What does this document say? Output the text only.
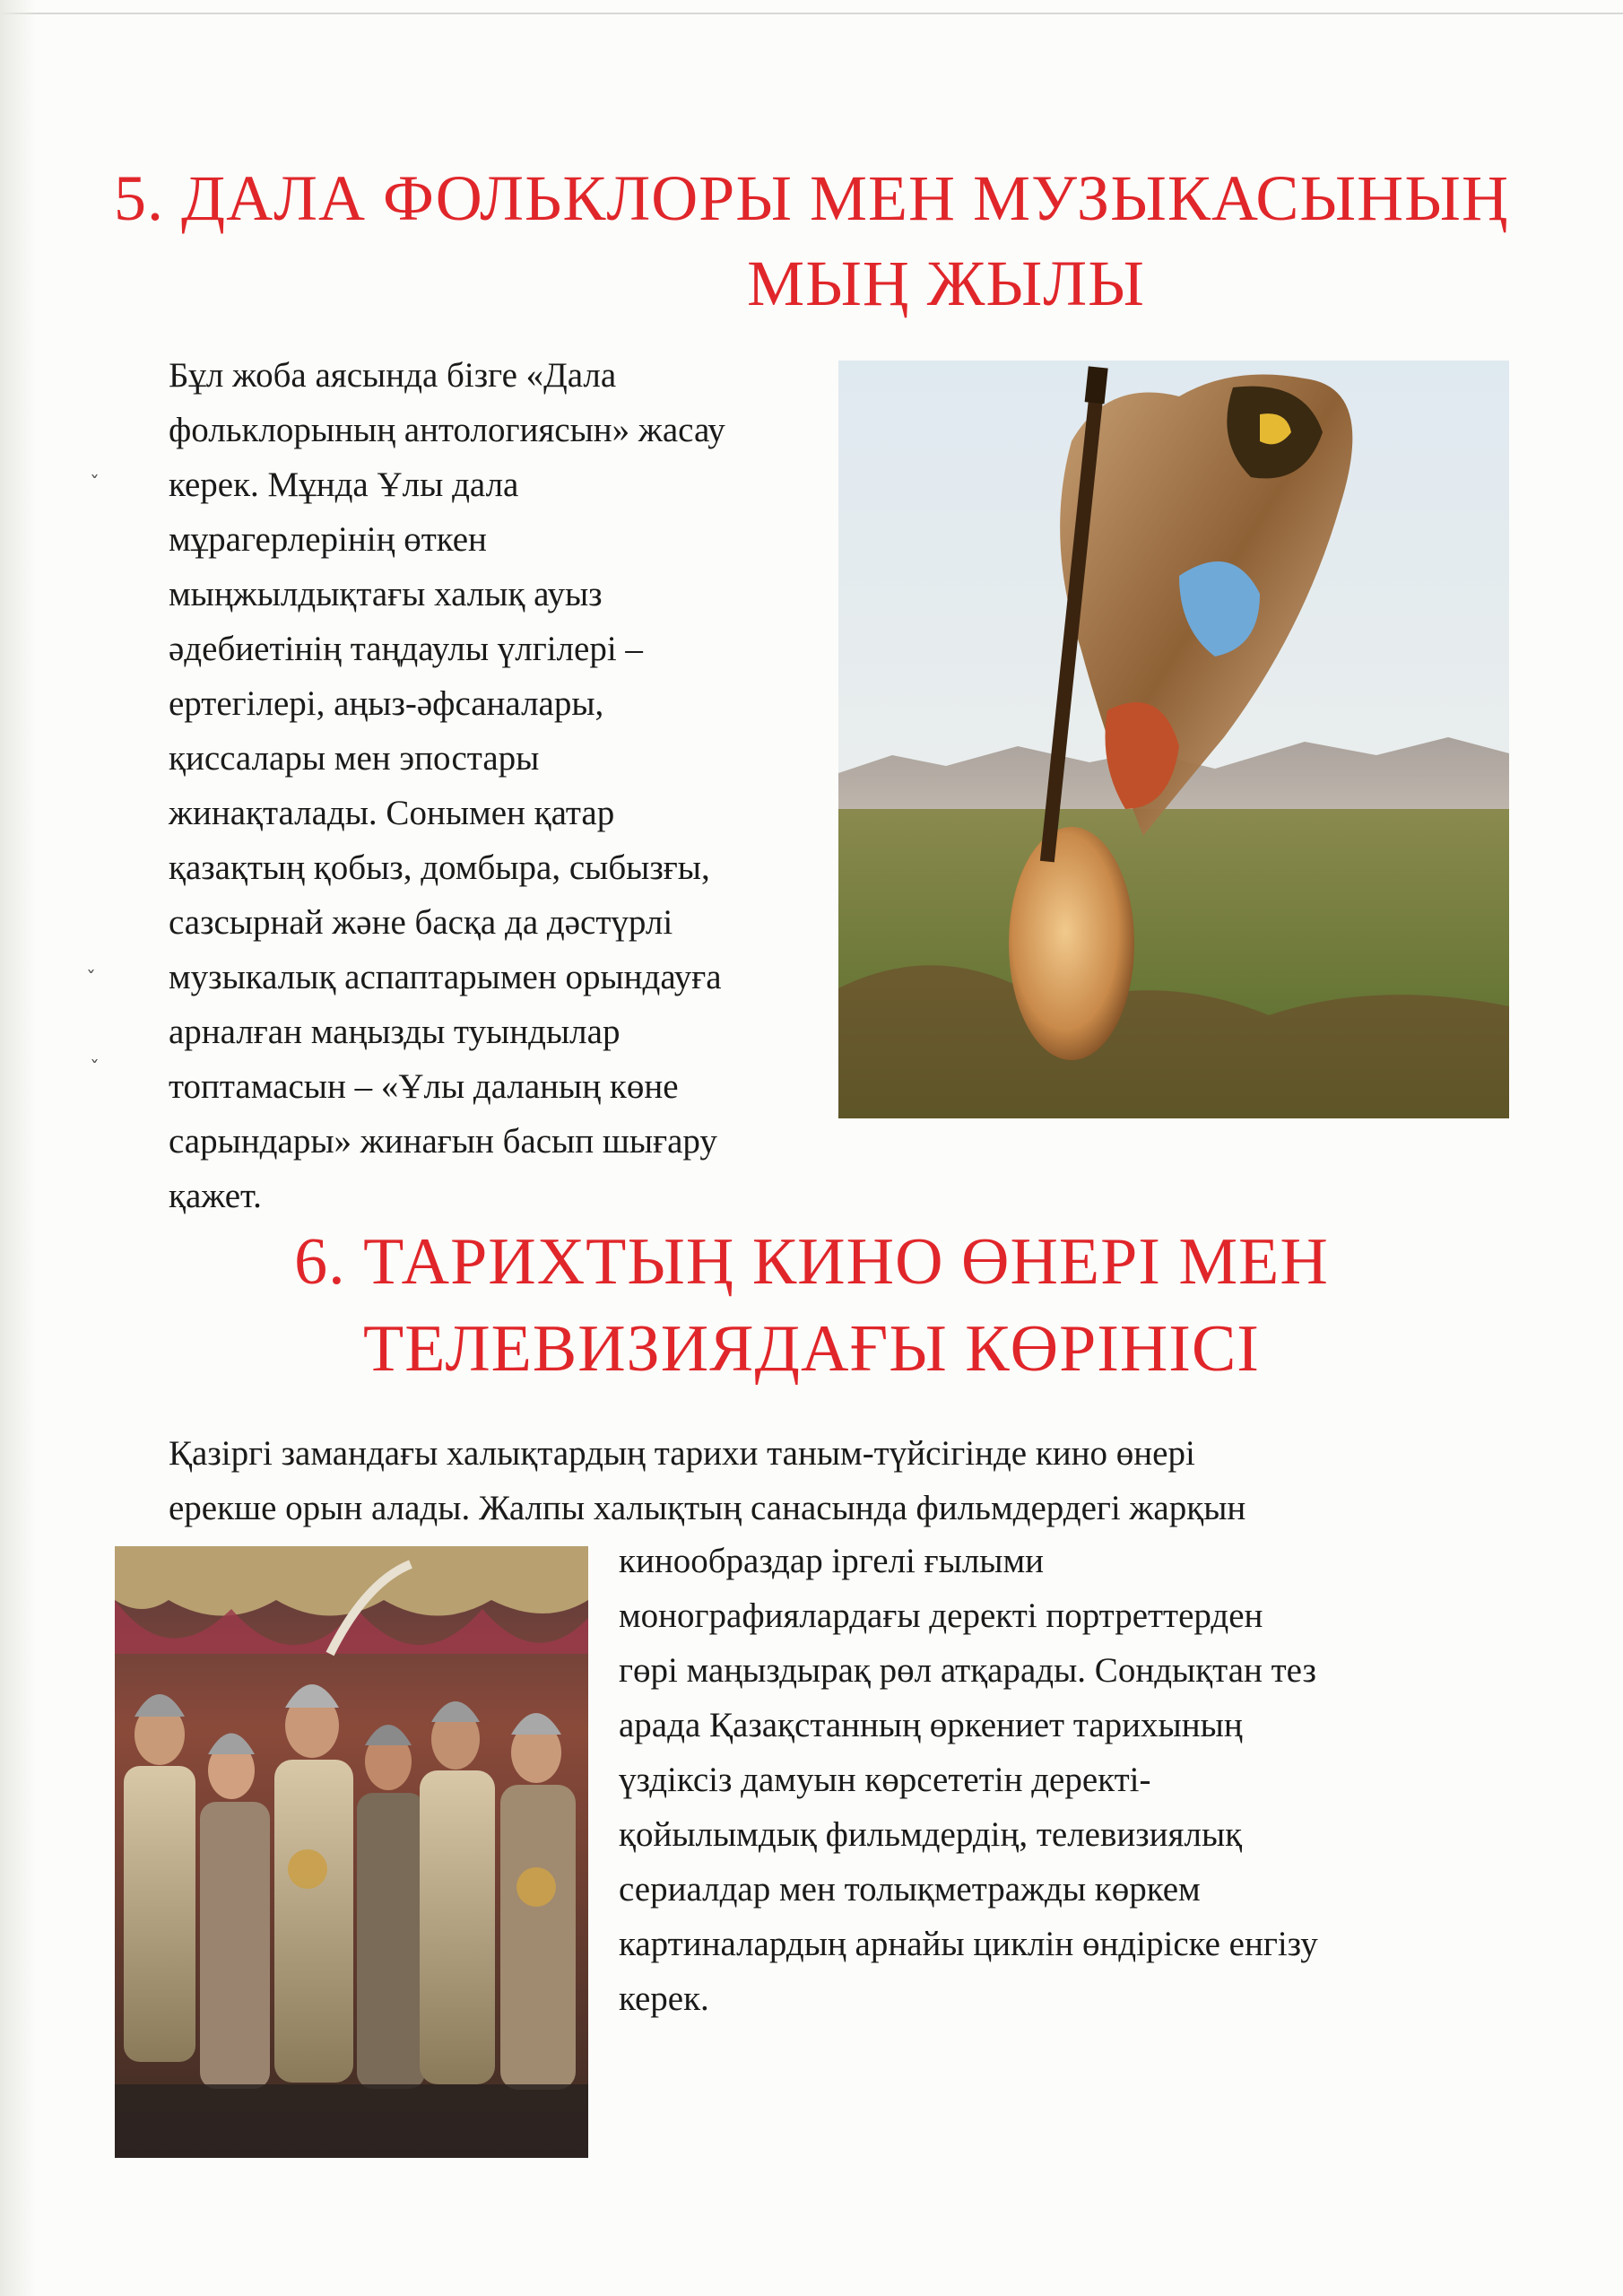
5. ДАЛА ФОЛЬКЛОРЫ МЕН МУЗЫКАСЫНЫҢ
МЫҢ ЖЫЛЫ
Бұл жоба аясында бізге «Дала
фольклорының антологиясын» жасау
керек. Мұнда Ұлы дала
мұрагерлерінің өткен
мыңжылдықтағы халық ауыз
әдебиетінің таңдаулы үлгілері –
ертегілері, аңыз-әфсаналары,
қиссалары мен эпостары
жинақталады. Сонымен қатар
қазақтың қобыз, домбыра, сыбызғы,
сазсырнай және басқа да дәстүрлі
музыкалық аспаптарымен орындауға
арналған маңызды туындылар
топтамасын – «Ұлы даланың көне
сарындары» жинағын басып шығару
қажет.
6. ТАРИХТЫҢ КИНО ӨНЕРІ МЕН
ТЕЛЕВИЗИЯДАҒЫ КӨРІНІСІ
Қазіргі замандағы халықтардың тарихи таным-түйсігінде кино өнері
ерекше орын алады. Жалпы халықтың санасында фильмдердегі жарқын
кинообраздар іргелі ғылыми
монографиялардағы деректі портреттерден
гөрі маңыздырақ рөл атқарады. Сондықтан тез
арада Қазақстанның өркениет тарихының
үздіксіз дамуын көрсететін деректі-
қойылымдық фильмдердің, телевизиялық
сериалдар мен толықметражды көркем
картиналардың арнайы циклін өндіріске енгізу
керек.
ˇ
ˇ
ˇ
